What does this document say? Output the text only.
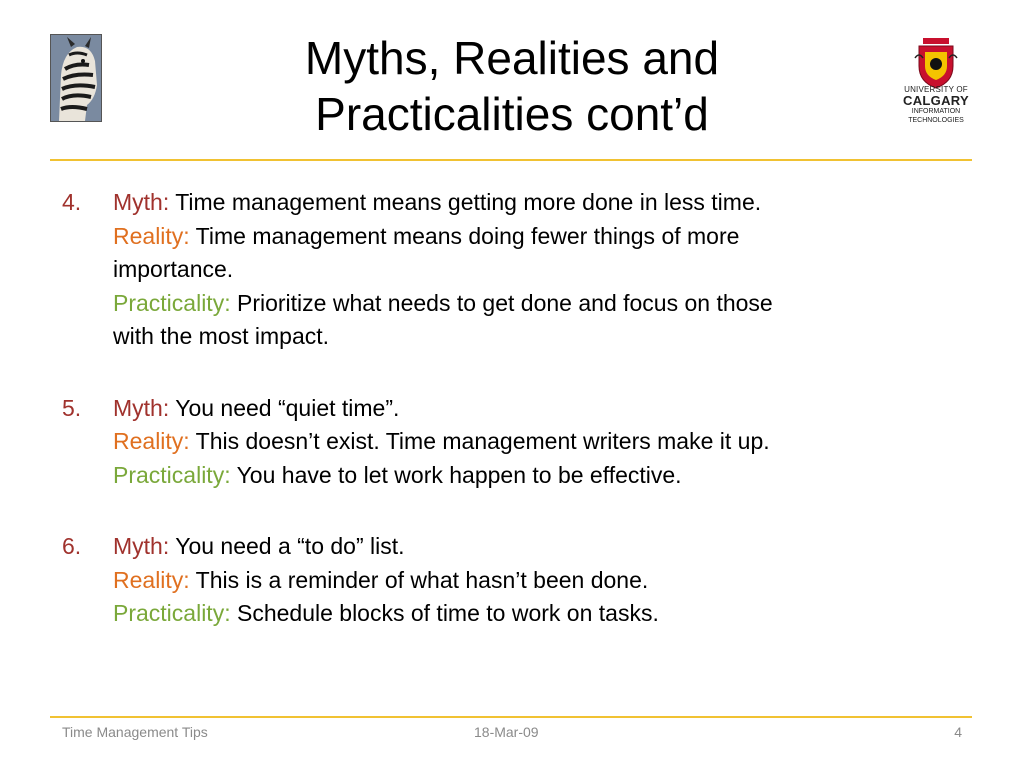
Myths, Realities and
Practicalities cont’d	UNIVERSITY OF
CALGARY
INFORMATION
TECHNOLOGIES
4. Myth: Time management means getting more done in less time.
Reality: Time management means doing fewer things of more
importance.
Practicality: Prioritize what needs to get done and focus on those
with the most impact.
5. Myth: You need “quiet time”.
Reality: This doesn’t exist. Time management writers make it up.
Practicality: You have to let work happen to be effective.
6. Myth: You need a “to do” list.
Reality: This is a reminder of what hasn’t been done.
Practicality: Schedule blocks of time to work on tasks.
Time Management Tips	18-Mar-09	4
